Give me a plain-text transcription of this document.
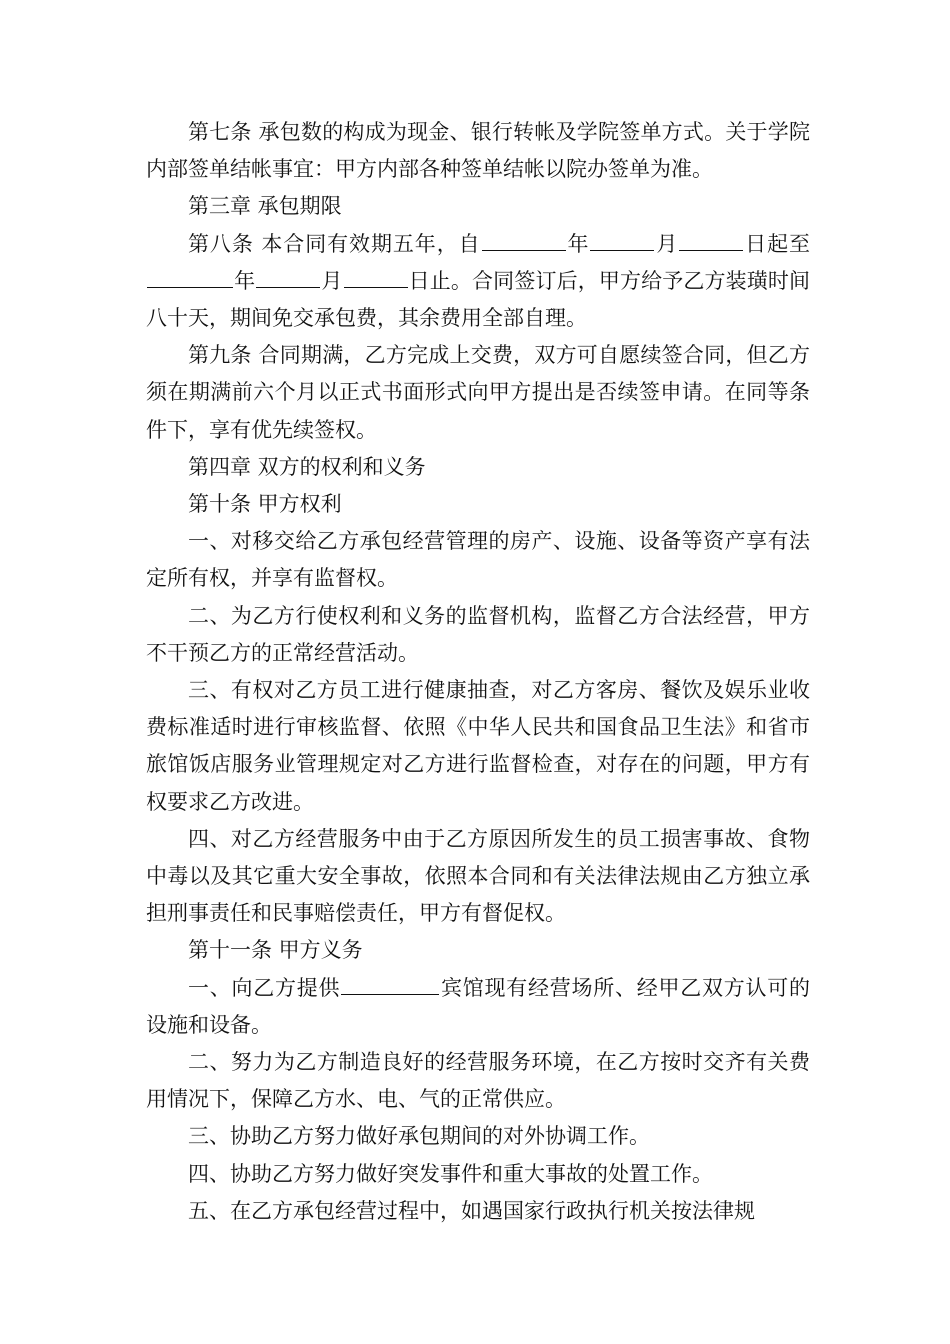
第七条 承包数的构成为现金、银行转帐及学院签单方式。关于学院内部签单结帐事宜：甲方内部各种签单结帐以院办签单为准。

第三章 承包期限

第八条 本合同有效期五年，自	年	月	日起至年	月	日止。合同签订后，甲方给予乙方装璜时间八十天，期间免交承包费，其余费用全部自理。

第九条 合同期满，乙方完成上交费，双方可自愿续签合同，但乙方须在期满前六个月以正式书面形式向甲方提出是否续签申请。在同等条件下，享有优先续签权。

第四章 双方的权利和义务

第十条 甲方权利

一、对移交给乙方承包经营管理的房产、设施、设备等资产享有法定所有权，并享有监督权。

二、为乙方行使权利和义务的监督机构，监督乙方合法经营，甲方不干预乙方的正常经营活动。

三、有权对乙方员工进行健康抽查，对乙方客房、餐饮及娱乐业收费标准适时进行审核监督、依照《中华人民共和国食品卫生法》和省市旅馆饭店服务业管理规定对乙方进行监督检查，对存在的问题，甲方有权要求乙方改进。

四、对乙方经营服务中由于乙方原因所发生的员工损害事故、食物中毒以及其它重大安全事故，依照本合同和有关法律法规由乙方独立承担刑事责任和民事赔偿责任，甲方有督促权。

第十一条 甲方义务

一、向乙方提供	宾馆现有经营场所、经甲乙双方认可的设施和设备。

二、努力为乙方制造良好的经营服务环境，在乙方按时交齐有关费用情况下，保障乙方水、电、气的正常供应。

三、协助乙方努力做好承包期间的对外协调工作。

四、协助乙方努力做好突发事件和重大事故的处置工作。

五、在乙方承包经营过程中，如遇国家行政执行机关按法律规
